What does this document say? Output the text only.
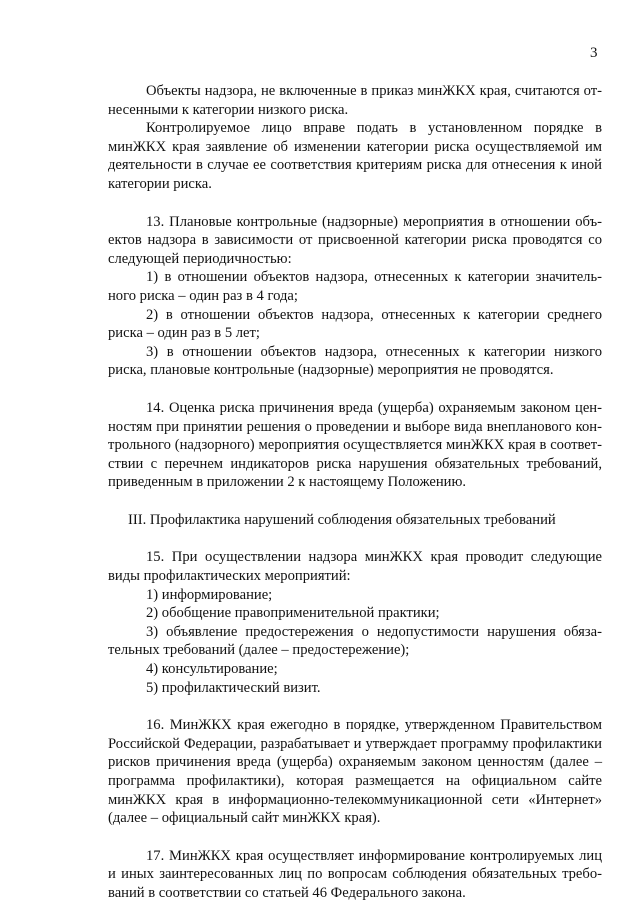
3

Объекты надзора, не включенные в приказ минЖКХ края, считаются отнесенными к категории низкого риска.

Контролируемое лицо вправе подать в установленном порядке в минЖКХ края заявление об изменении категории риска осуществляемой им деятельности в случае ее соответствия критериям риска для отнесения к иной категории риска.

13. Плановые контрольные (надзорные) мероприятия в отношении объектов надзора в зависимости от присвоенной категории риска проводятся со следующей периодичностью:

1) в отношении объектов надзора, отнесенных к категории значительного риска – один раз в 4 года;

2) в отношении объектов надзора, отнесенных к категории среднего риска – один раз в 5 лет;

3) в отношении объектов надзора, отнесенных к категории низкого риска, плановые контрольные (надзорные) мероприятия не проводятся.

14. Оценка риска причинения вреда (ущерба) охраняемым законом ценностям при принятии решения о проведении и выборе вида внепланового контрольного (надзорного) мероприятия осуществляется минЖКХ края в соответствии с перечнем индикаторов риска нарушения обязательных требований, приведенным в приложении 2 к настоящему Положению.

III. Профилактика нарушений соблюдения обязательных требований

15. При осуществлении надзора минЖКХ края проводит следующие виды профилактических мероприятий:

1) информирование;

2) обобщение правоприменительной практики;

3) объявление предостережения о недопустимости нарушения обязательных требований (далее – предостережение);

4) консультирование;

5) профилактический визит.

16. МинЖКХ края ежегодно в порядке, утвержденном Правительством Российской Федерации, разрабатывает и утверждает программу профилактики рисков причинения вреда (ущерба) охраняемым законом ценностям (далее – программа профилактики), которая размещается на официальном сайте минЖКХ края в информационно-телекоммуникационной сети «Интернет» (далее – официальный сайт минЖКХ края).

17. МинЖКХ края осуществляет информирование контролируемых лиц и иных заинтересованных лиц по вопросам соблюдения обязательных требований в соответствии со статьей 46 Федерального закона.
